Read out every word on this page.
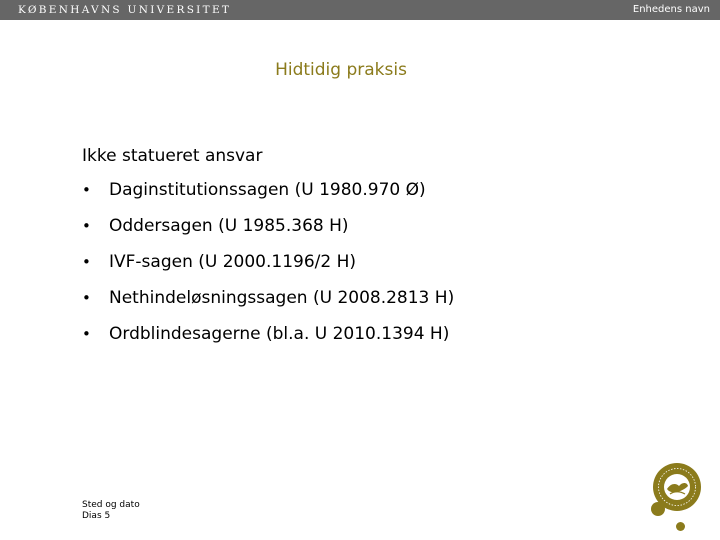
KØBENHAVNS UNIVERSITET	Enhedens navn
Hidtidig praksis
Ikke statueret ansvar
•	Daginstitutionssagen (U 1980.970 Ø)
•	Oddersagen (U 1985.368 H)
•	IVF-sagen (U 2000.1196/2 H)
•	Nethindeløsningssagen (U 2008.2813 H)
•	Ordblindesagerne (bl.a. U 2010.1394 H)
Sted og dato
Dias 5
